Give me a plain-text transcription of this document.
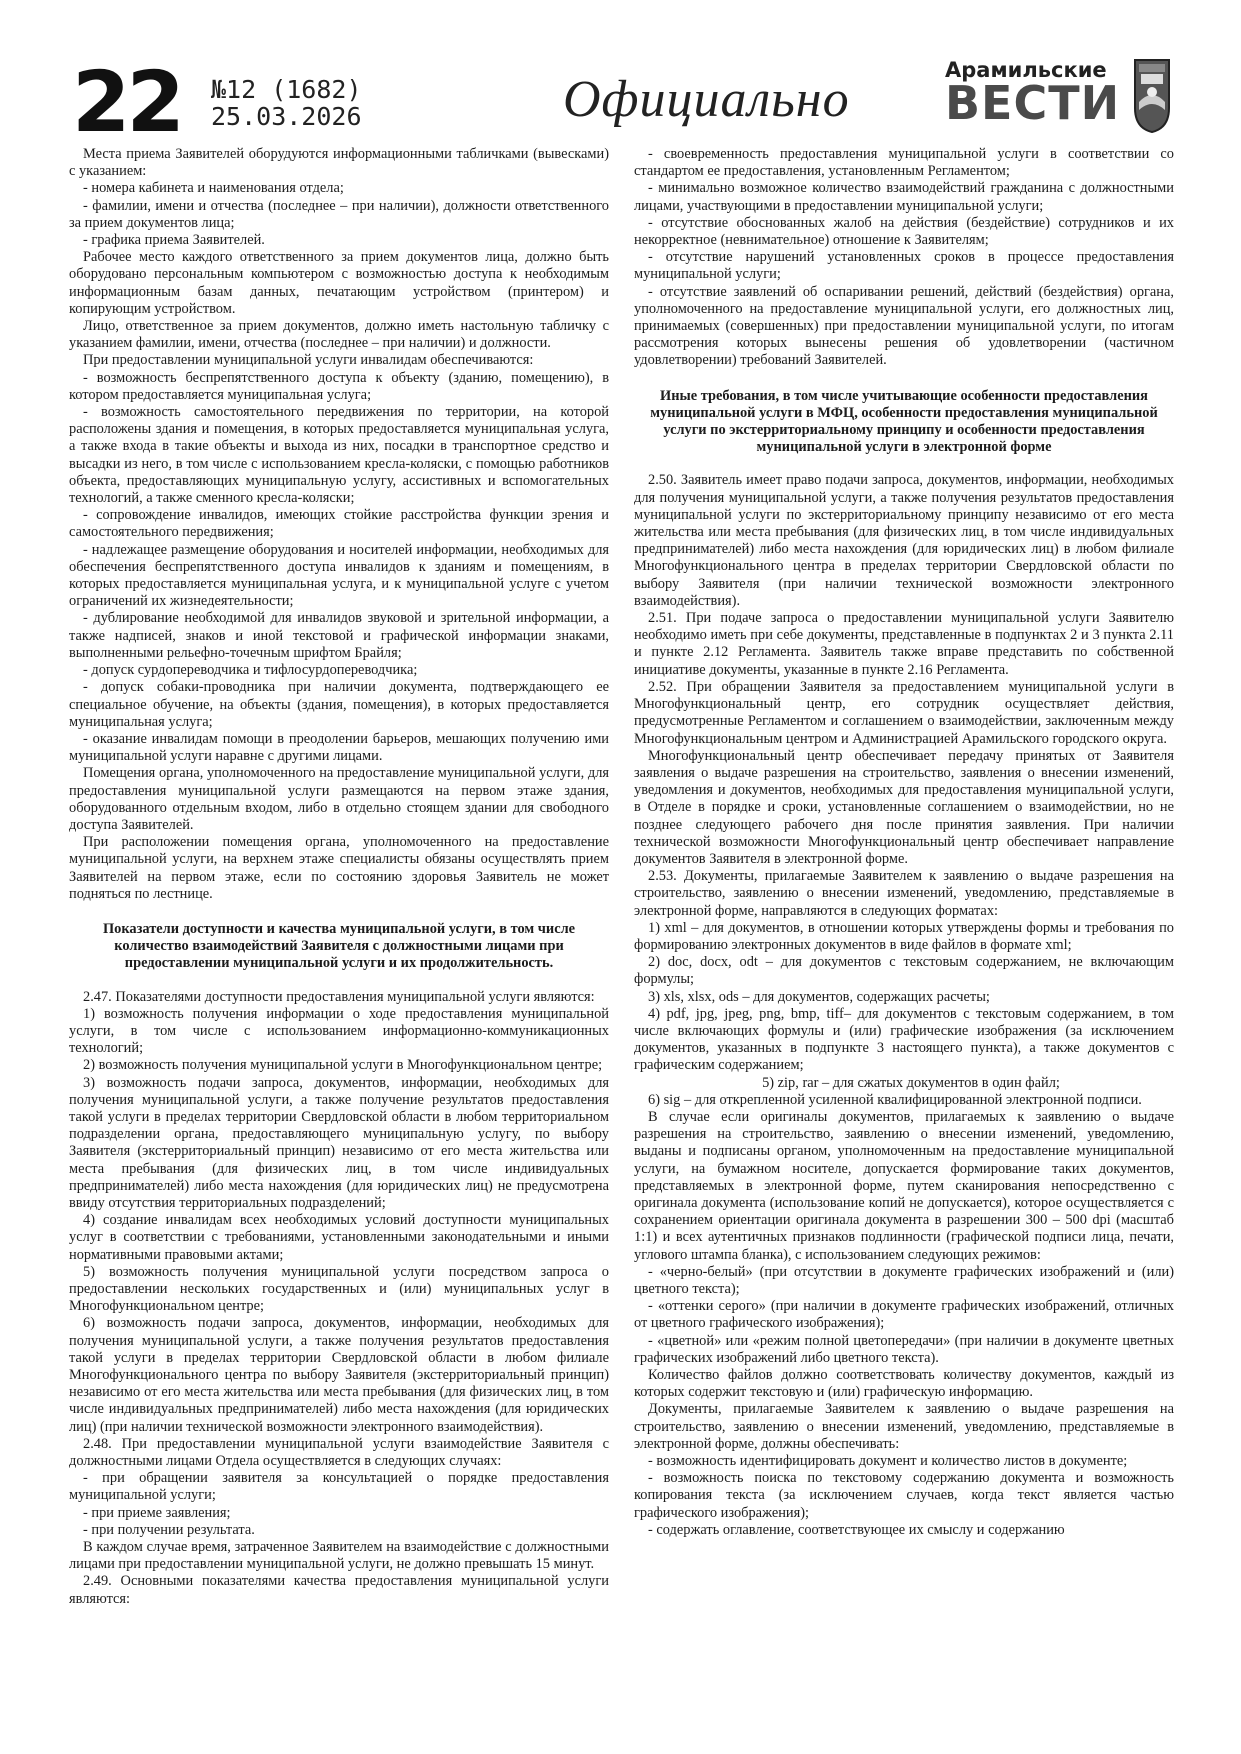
22 №12 (1682)
25.03.2026	Официально
Арамильские
ВЕСТИ

Места приема Заявителей оборудуются информационными табличками (вывесками) с указанием:

- номера кабинета и наименования отдела;

- фамилии, имени и отчества (последнее – при наличии), должности ответственного за прием документов лица;

- графика приема Заявителей.

Рабочее место каждого ответственного за прием документов лица, должно быть оборудовано персональным компьютером с возможностью доступа к необходимым информационным базам данных, печатающим устройством (принтером) и копирующим устройством.

Лицо, ответственное за прием документов, должно иметь настольную табличку с указанием фамилии, имени, отчества (последнее – при наличии) и должности.

При предоставлении муниципальной услуги инвалидам обеспечиваются:

- возможность беспрепятственного доступа к объекту (зданию, помещению), в котором предоставляется муниципальная услуга;

- возможность самостоятельного передвижения по территории, на которой расположены здания и помещения, в которых предоставляется муниципальная услуга, а также входа в такие объекты и выхода из них, посадки в транспортное средство и высадки из него, в том числе с использованием кресла-коляски, с помощью работников объекта, предоставляющих муниципальную услугу, ассистивных и вспомогательных технологий, а также сменного кресла-коляски;

- сопровождение инвалидов, имеющих стойкие расстройства функции зрения и самостоятельного передвижения;

- надлежащее размещение оборудования и носителей информации, необходимых для обеспечения беспрепятственного доступа инвалидов к зданиям и помещениям, в которых предоставляется муниципальная услуга, и к муниципальной услуге с учетом ограничений их жизнедеятельности;

- дублирование необходимой для инвалидов звуковой и зрительной информации, а также надписей, знаков и иной текстовой и графической информации знаками, выполненными рельефно-точечным шрифтом Брайля;

- допуск сурдопереводчика и тифлосурдопереводчика;

- допуск собаки-проводника при наличии документа, подтверждающего ее специальное обучение, на объекты (здания, помещения), в которых предоставляется муниципальная услуга;

- оказание инвалидам помощи в преодолении барьеров, мешающих получению ими муниципальной услуги наравне с другими лицами.

Помещения органа, уполномоченного на предоставление муниципальной услуги, для предоставления муниципальной услуги размещаются на первом этаже здания, оборудованного отдельным входом, либо в отдельно стоящем здании для свободного доступа Заявителей.

При расположении помещения органа, уполномоченного на предоставление муниципальной услуги, на верхнем этаже специалисты обязаны осуществлять прием Заявителей на первом этаже, если по состоянию здоровья Заявитель не может подняться по лестнице.

Показатели доступности и качества муниципальной услуги, в том числе количество взаимодействий Заявителя с должностными лицами при предоставлении муниципальной услуги и их продолжительность.

2.47. Показателями доступности предоставления муниципальной услуги являются:

1) возможность получения информации о ходе предоставления муниципальной услуги, в том числе с использованием информационно-коммуникационных технологий;

2) возможность получения муниципальной услуги в Многофункциональном центре;

3) возможность подачи запроса, документов, информации, необходимых для получения муниципальной услуги, а также получение результатов предоставления такой услуги в пределах территории Свердловской области в любом территориальном подразделении органа, предоставляющего муниципальную услугу, по выбору Заявителя (экстерриториальный принцип) независимо от его места жительства или места пребывания (для физических лиц, в том числе индивидуальных предпринимателей) либо места нахождения (для юридических лиц) не предусмотрена ввиду отсутствия территориальных подразделений;

4) создание инвалидам всех необходимых условий доступности муниципальных услуг в соответствии с требованиями, установленными законодательными и иными нормативными правовыми актами;

5) возможность получения муниципальной услуги посредством запроса о предоставлении нескольких государственных и (или) муниципальных услуг в Многофункциональном центре;

6) возможность подачи запроса, документов, информации, необходимых для получения муниципальной услуги, а также получения результатов предоставления такой услуги в пределах территории Свердловской области в любом филиале Многофункционального центра по выбору Заявителя (экстерриториальный принцип) независимо от его места жительства или места пребывания (для физических лиц, в том числе индивидуальных предпринимателей) либо места нахождения (для юридических лиц) (при наличии технической возможности электронного взаимодействия).

2.48. При предоставлении муниципальной услуги взаимодействие Заявителя с должностными лицами Отдела осуществляется в следующих случаях:

- при обращении заявителя за консультацией о порядке предоставления муниципальной услуги;

- при приеме заявления;

- при получении результата.

В каждом случае время, затраченное Заявителем на взаимодействие с должностными лицами при предоставлении муниципальной услуги, не должно превышать 15 минут.

2.49. Основными показателями качества предоставления муниципальной услуги являются:

- своевременность предоставления муниципальной услуги в соответствии со стандартом ее предоставления, установленным Регламентом;

- минимально возможное количество взаимодействий гражданина с должностными лицами, участвующими в предоставлении муниципальной услуги;

- отсутствие обоснованных жалоб на действия (бездействие) сотрудников и их некорректное (невнимательное) отношение к Заявителям;

- отсутствие нарушений установленных сроков в процессе предоставления муниципальной услуги;

- отсутствие заявлений об оспаривании решений, действий (бездействия) органа, уполномоченного на предоставление муниципальной услуги, его должностных лиц, принимаемых (совершенных) при предоставлении муниципальной услуги, по итогам рассмотрения которых вынесены решения об удовлетворении (частичном удовлетворении) требований Заявителей.

Иные требования, в том числе учитывающие особенности предоставления муниципальной услуги в МФЦ, особенности предоставления муниципальной услуги по экстерриториальному принципу и особенности предоставления муниципальной услуги в электронной форме

2.50. Заявитель имеет право подачи запроса, документов, информации, необходимых для получения муниципальной услуги, а также получения результатов предоставления муниципальной услуги по экстерриториальному принципу независимо от его места жительства или места пребывания (для физических лиц, в том числе индивидуальных предпринимателей) либо места нахождения (для юридических лиц) в любом филиале Многофункционального центра в пределах территории Свердловской области по выбору Заявителя (при наличии технической возможности электронного взаимодействия).

2.51. При подаче запроса о предоставлении муниципальной услуги Заявителю необходимо иметь при себе документы, представленные в подпунктах 2 и 3 пункта 2.11 и пункте 2.12 Регламента. Заявитель также вправе представить по собственной инициативе документы, указанные в пункте 2.16 Регламента.

2.52. При обращении Заявителя за предоставлением муниципальной услуги в Многофункциональный центр, его сотрудник осуществляет действия, предусмотренные Регламентом и соглашением о взаимодействии, заключенным между Многофункциональным центром и Администрацией Арамильского городского округа.

Многофункциональный центр обеспечивает передачу принятых от Заявителя заявления о выдаче разрешения на строительство, заявления о внесении изменений, уведомления и документов, необходимых для предоставления муниципальной услуги, в Отделе в порядке и сроки, установленные соглашением о взаимодействии, но не позднее следующего рабочего дня после принятия заявления. При наличии технической возможности Многофункциональный центр обеспечивает направление документов Заявителя в электронной форме.

2.53. Документы, прилагаемые Заявителем к заявлению о выдаче разрешения на строительство, заявлению о внесении изменений, уведомлению, представляемые в электронной форме, направляются в следующих форматах:

1) xml – для документов, в отношении которых утверждены формы и требования по формированию электронных документов в виде файлов в формате xml;

2) doc, docx, odt – для документов с текстовым содержанием, не включающим формулы;

3) xls, xlsx, ods – для документов, содержащих расчеты;

4) pdf, jpg, jpeg, png, bmp, tiff– для документов с текстовым содержанием, в том числе включающих формулы и (или) графические изображения (за исключением документов, указанных в подпункте 3 настоящего пункта), а также документов с графическим содержанием;

5) zip, rar – для сжатых документов в один файл;

6) sig – для открепленной усиленной квалифицированной электронной подписи.

В случае если оригиналы документов, прилагаемых к заявлению о выдаче разрешения на строительство, заявлению о внесении изменений, уведомлению, выданы и подписаны органом, уполномоченным на предоставление муниципальной услуги, на бумажном носителе, допускается формирование таких документов, представляемых в электронной форме, путем сканирования непосредственно с оригинала документа (использование копий не допускается), которое осуществляется с сохранением ориентации оригинала документа в разрешении 300 – 500 dpi (масштаб 1:1) и всех аутентичных признаков подлинности (графической подписи лица, печати, углового штампа бланка), с использованием следующих режимов:

- «черно-белый» (при отсутствии в документе графических изображений и (или) цветного текста);

- «оттенки серого» (при наличии в документе графических изображений, отличных от цветного графического изображения);

- «цветной» или «режим полной цветопередачи» (при наличии в документе цветных графических изображений либо цветного текста).

Количество файлов должно соответствовать количеству документов, каждый из которых содержит текстовую и (или) графическую информацию.

Документы, прилагаемые Заявителем к заявлению о выдаче разрешения на строительство, заявлению о внесении изменений, уведомлению, представляемые в электронной форме, должны обеспечивать:

- возможность идентифицировать документ и количество листов в документе;

- возможность поиска по текстовому содержанию документа и возможность копирования текста (за исключением случаев, когда текст является частью графического изображения);

- содержать оглавление, соответствующее их смыслу и содержанию
